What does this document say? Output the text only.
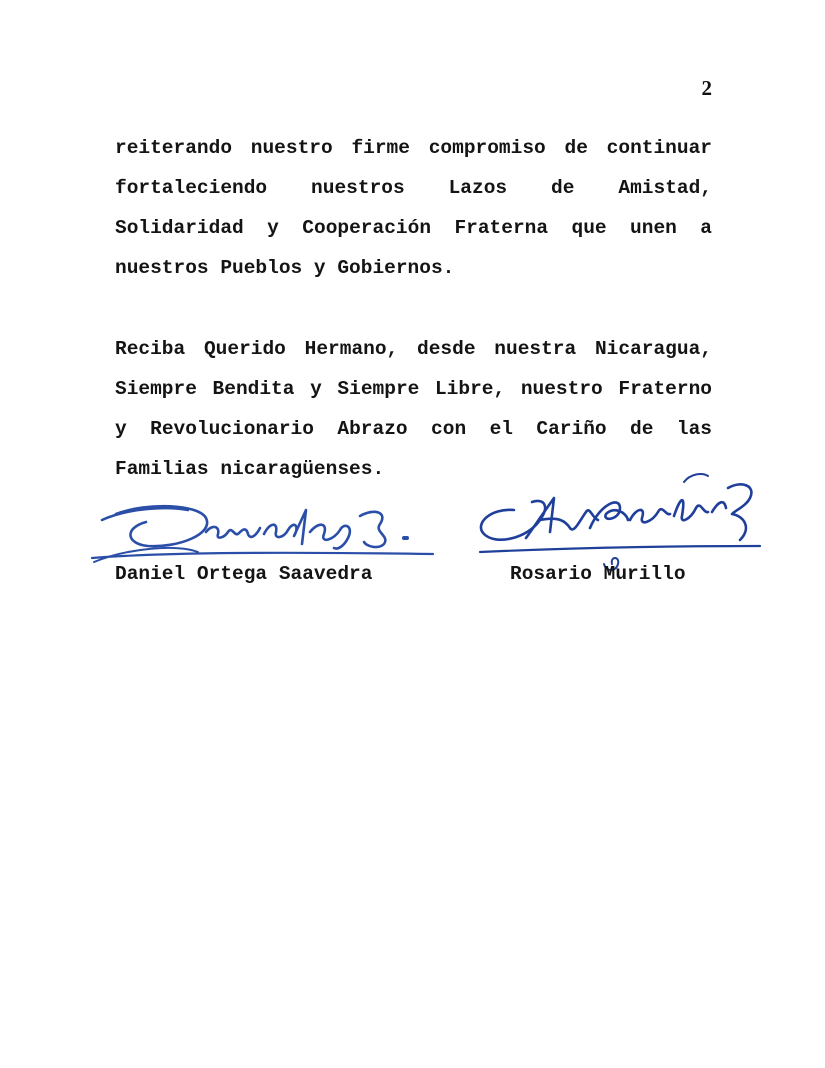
2
reiterando nuestro firme compromiso de continuar
fortaleciendo nuestros Lazos de Amistad,
Solidaridad y Cooperación Fraterna que unen a
nuestros Pueblos y Gobiernos.
Reciba Querido Hermano, desde nuestra Nicaragua,
Siempre Bendita y Siempre Libre, nuestro Fraterno
y Revolucionario Abrazo con el Cariño de las
Familias nicaragüenses.
Daniel Ortega Saavedra	Rosario Murillo
